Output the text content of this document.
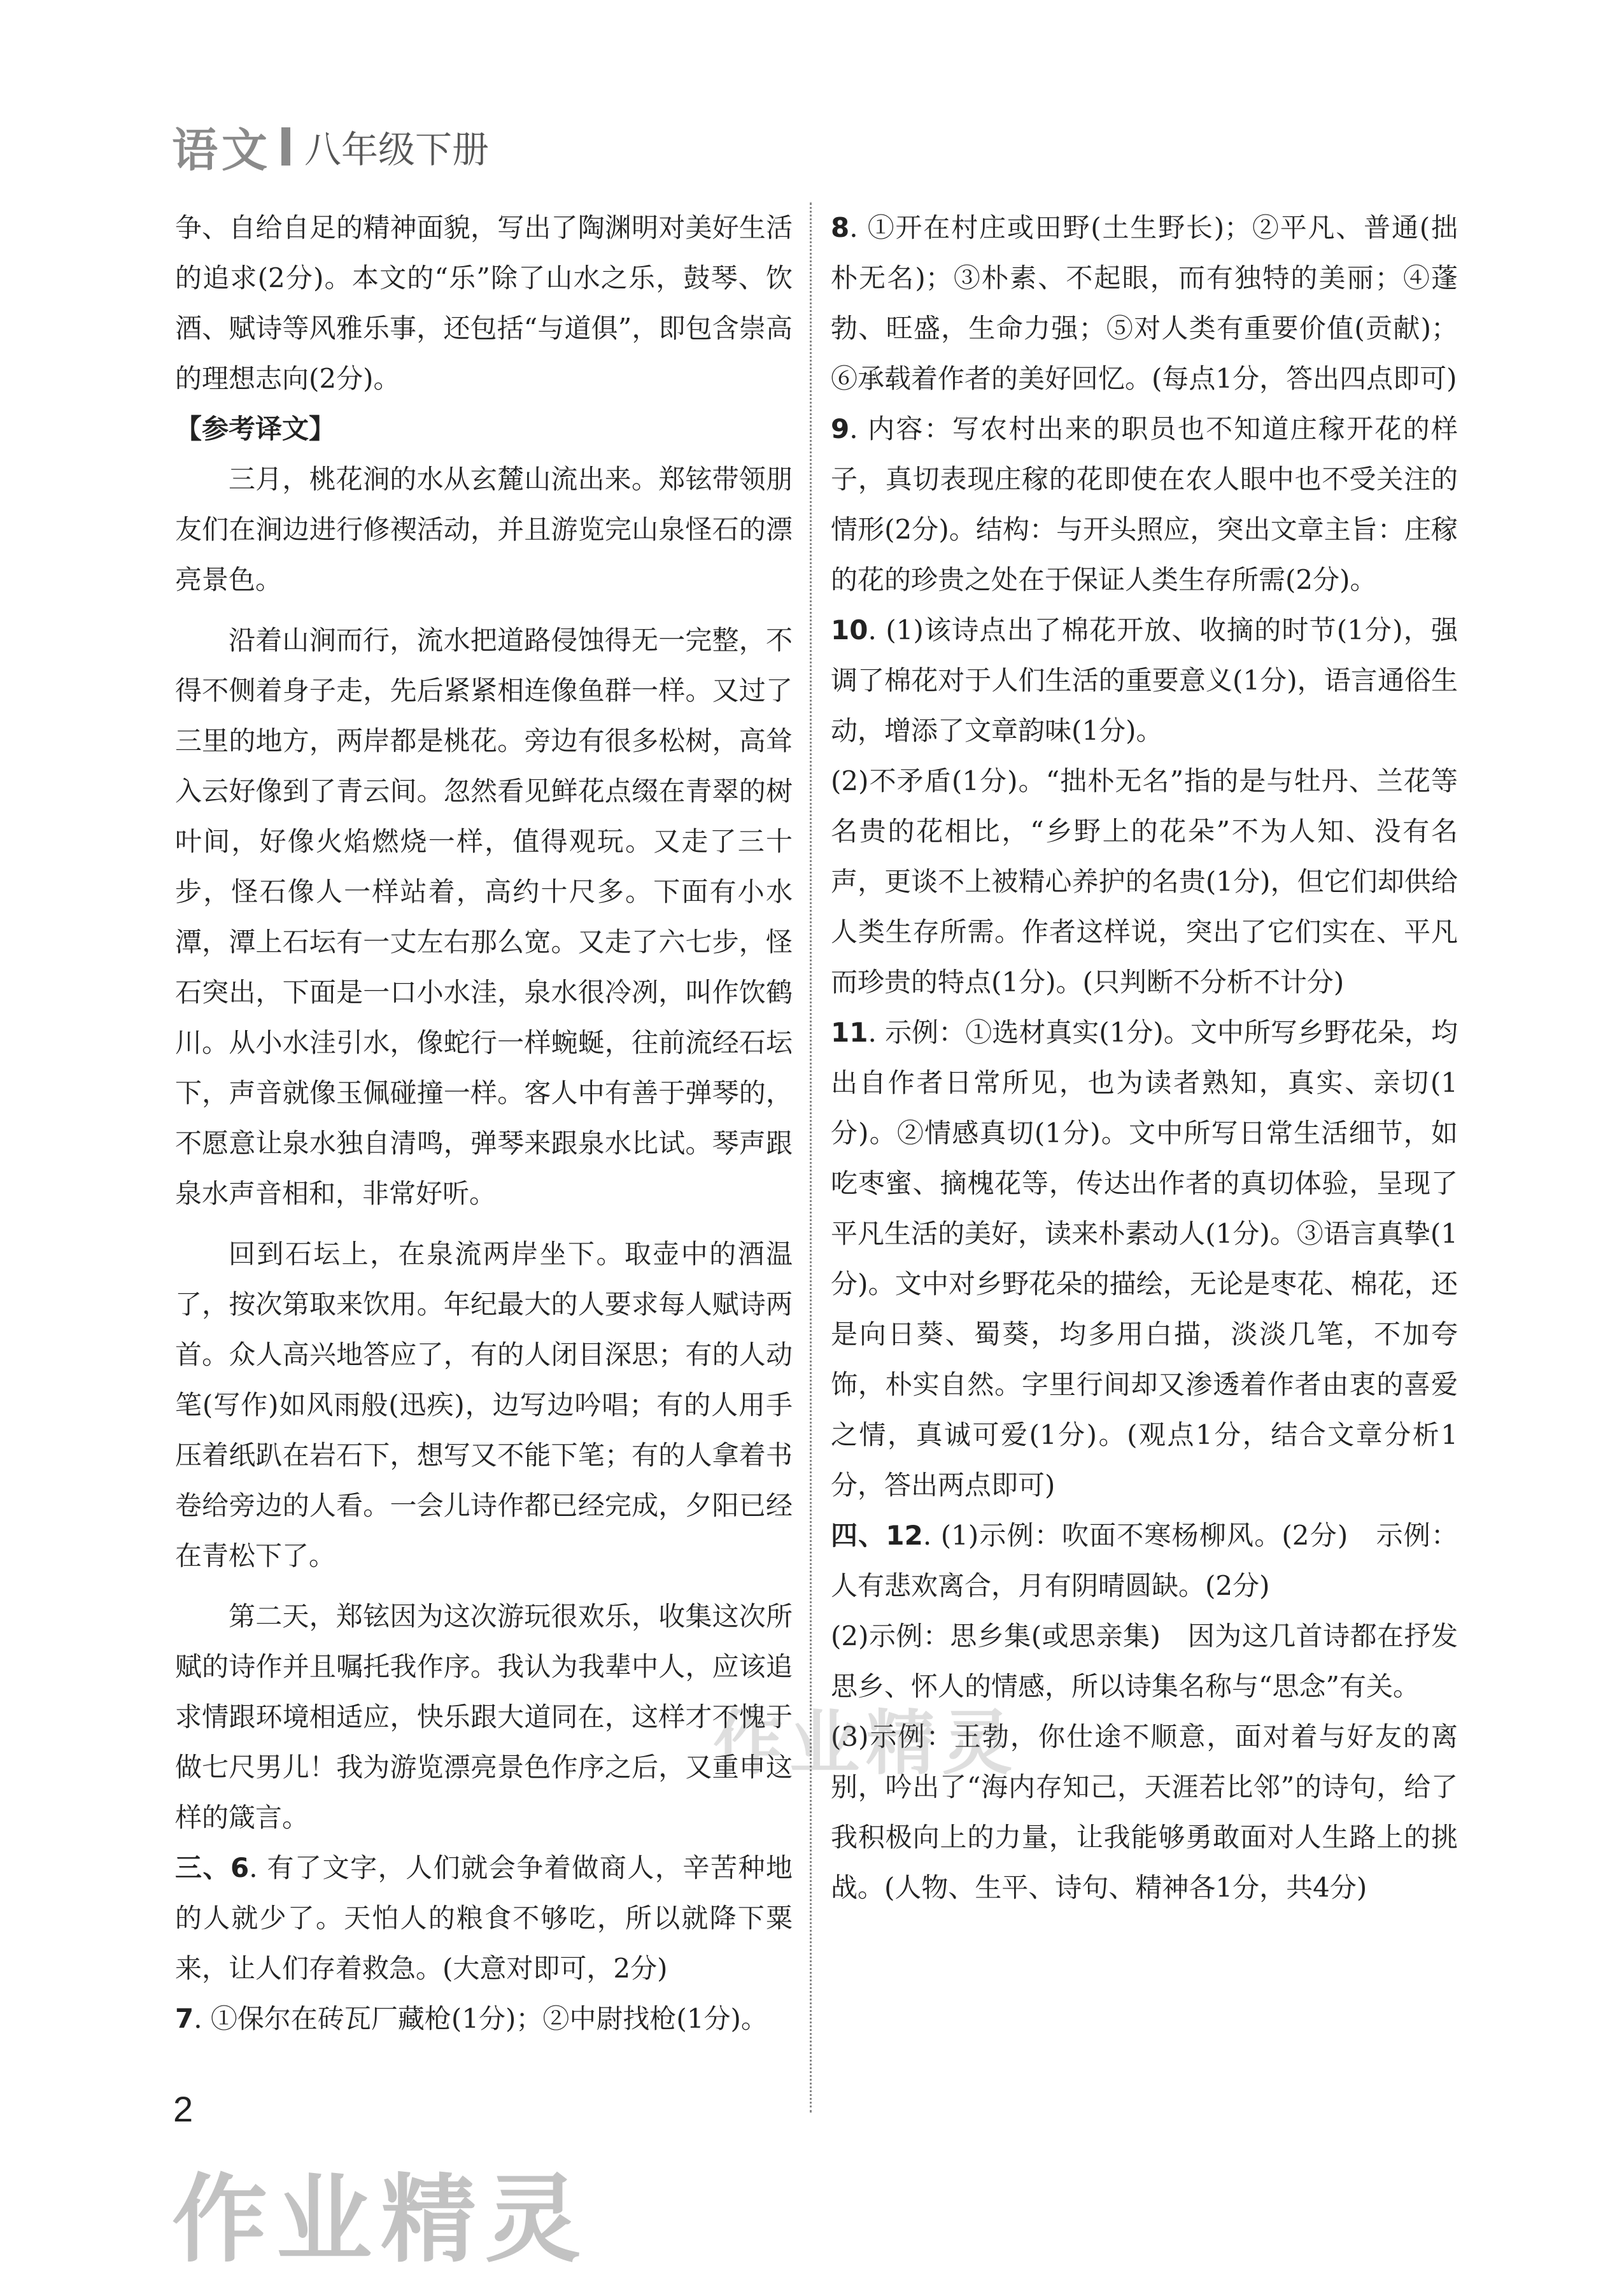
语文 八年级下册

争、自给自足的精神面貌，写出了陶渊明对美好生活的追求(2分)。本文的“乐”除了山水之乐，鼓琴、饮酒、赋诗等风雅乐事，还包括“与道俱”，即包含崇高的理想志向(2分)。

【参考译文】

三月，桃花涧的水从玄麓山流出来。郑铉带领朋友们在涧边进行修禊活动，并且游览完山泉怪石的漂亮景色。

沿着山涧而行，流水把道路侵蚀得无一完整，不得不侧着身子走，先后紧紧相连像鱼群一样。又过了三里的地方，两岸都是桃花。旁边有很多松树，高耸入云好像到了青云间。忽然看见鲜花点缀在青翠的树叶间，好像火焰燃烧一样，值得观玩。又走了三十步，怪石像人一样站着，高约十尺多。下面有小水潭，潭上石坛有一丈左右那么宽。又走了六七步，怪石突出，下面是一口小水洼，泉水很冷冽，叫作饮鹤川。从小水洼引水，像蛇行一样蜿蜒，往前流经石坛下，声音就像玉佩碰撞一样。客人中有善于弹琴的，不愿意让泉水独自清鸣，弹琴来跟泉水比试。琴声跟泉水声音相和，非常好听。

回到石坛上，在泉流两岸坐下。取壶中的酒温了，按次第取来饮用。年纪最大的人要求每人赋诗两首。众人高兴地答应了，有的人闭目深思；有的人动笔(写作)如风雨般(迅疾)，边写边吟唱；有的人用手压着纸趴在岩石下，想写又不能下笔；有的人拿着书卷给旁边的人看。一会儿诗作都已经完成，夕阳已经在青松下了。

第二天，郑铉因为这次游玩很欢乐，收集这次所赋的诗作并且嘱托我作序。我认为我辈中人，应该追求情跟环境相适应，快乐跟大道同在，这样才不愧于做七尺男儿！我为游览漂亮景色作序之后，又重申这样的箴言。

三、6. 有了文字，人们就会争着做商人，辛苦种地的人就少了。天怕人的粮食不够吃，所以就降下粟来，让人们存着救急。(大意对即可，2分)

7. ①保尔在砖瓦厂藏枪(1分)；②中尉找枪(1分)。

8. ①开在村庄或田野(土生野长)；②平凡、普通(拙朴无名)；③朴素、不起眼，而有独特的美丽；④蓬勃、旺盛，生命力强；⑤对人类有重要价值(贡献)；⑥承载着作者的美好回忆。(每点1分，答出四点即可)

9. 内容：写农村出来的职员也不知道庄稼开花的样子，真切表现庄稼的花即使在农人眼中也不受关注的情形(2分)。结构：与开头照应，突出文章主旨：庄稼的花的珍贵之处在于保证人类生存所需(2分)。

10. (1)该诗点出了棉花开放、收摘的时节(1分)，强调了棉花对于人们生活的重要意义(1分)，语言通俗生动，增添了文章韵味(1分)。

(2)不矛盾(1分)。“拙朴无名”指的是与牡丹、兰花等名贵的花相比，“乡野上的花朵”不为人知、没有名声，更谈不上被精心养护的名贵(1分)，但它们却供给人类生存所需。作者这样说，突出了它们实在、平凡而珍贵的特点(1分)。(只判断不分析不计分)

11. 示例：①选材真实(1分)。文中所写乡野花朵，均出自作者日常所见，也为读者熟知，真实、亲切(1分)。②情感真切(1分)。文中所写日常生活细节，如吃枣蜜、摘槐花等，传达出作者的真切体验，呈现了平凡生活的美好，读来朴素动人(1分)。③语言真挚(1分)。文中对乡野花朵的描绘，无论是枣花、棉花，还是向日葵、蜀葵，均多用白描，淡淡几笔，不加夸饰，朴实自然。字里行间却又渗透着作者由衷的喜爱之情，真诚可爱(1分)。(观点1分，结合文章分析1分，答出两点即可)

四、12. (1)示例：吹面不寒杨柳风。(2分)　示例：人有悲欢离合，月有阴晴圆缺。(2分)

(2)示例：思乡集(或思亲集)　因为这几首诗都在抒发思乡、怀人的情感，所以诗集名称与“思念”有关。

(3)示例：王勃，你仕途不顺意，面对着与好友的离别，吟出了“海内存知己，天涯若比邻”的诗句，给了我积极向上的力量，让我能够勇敢面对人生路上的挑战。(人物、生平、诗句、精神各1分，共4分)

作业精灵
2
作业精灵
